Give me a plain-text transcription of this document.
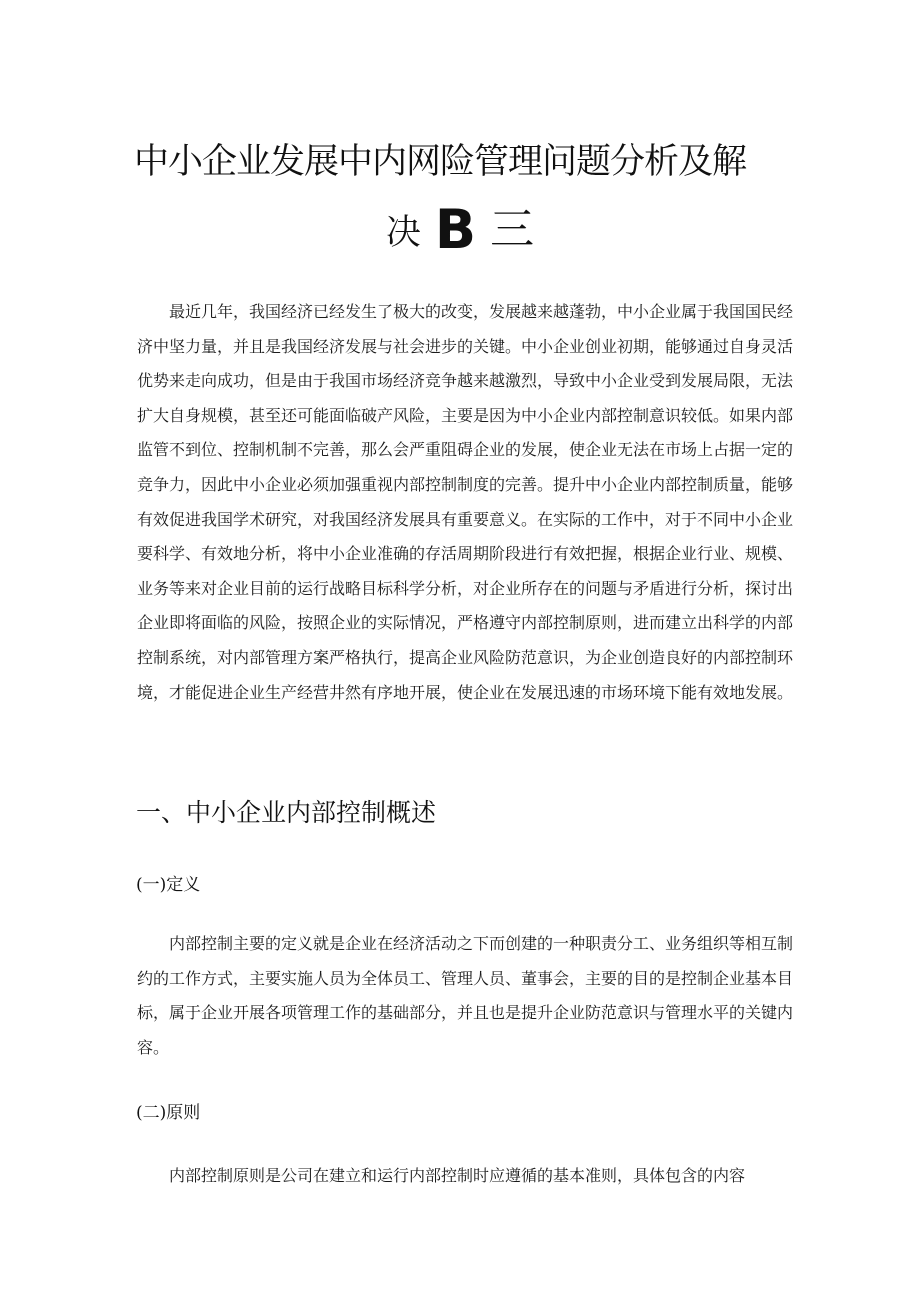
中小企业发展中内网险管理问题分析及解
决 B 三

最近几年，我国经济已经发生了极大的改变，发展越来越蓬勃，中小企业属于我国国民经济中坚力量，并且是我国经济发展与社会进步的关键。中小企业创业初期，能够通过自身灵活优势来走向成功，但是由于我国市场经济竞争越来越激烈，导致中小企业受到发展局限，无法扩大自身规模，甚至还可能面临破产风险，主要是因为中小企业内部控制意识较低。如果内部监管不到位、控制机制不完善，那么会严重阻碍企业的发展，使企业无法在市场上占据一定的竞争力，因此中小企业必须加强重视内部控制制度的完善。提升中小企业内部控制质量，能够有效促进我国学术研究，对我国经济发展具有重要意义。在实际的工作中，对于不同中小企业要科学、有效地分析，将中小企业准确的存活周期阶段进行有效把握，根据企业行业、规模、业务等来对企业目前的运行战略目标科学分析，对企业所存在的问题与矛盾进行分析，探讨出企业即将面临的风险，按照企业的实际情况，严格遵守内部控制原则，进而建立出科学的内部控制系统，对内部管理方案严格执行，提高企业风险防范意识，为企业创造良好的内部控制环境，才能促进企业生产经营井然有序地开展，使企业在发展迅速的市场环境下能有效地发展。

一、中小企业内部控制概述
(一)定义

内部控制主要的定义就是企业在经济活动之下而创建的一种职责分工、业务组织等相互制约的工作方式，主要实施人员为全体员工、管理人员、董事会，主要的目的是控制企业基本目标，属于企业开展各项管理工作的基础部分，并且也是提升企业防范意识与管理水平的关键内容。

(二)原则

内部控制原则是公司在建立和运行内部控制时应遵循的基本准则，具体包含的内容
